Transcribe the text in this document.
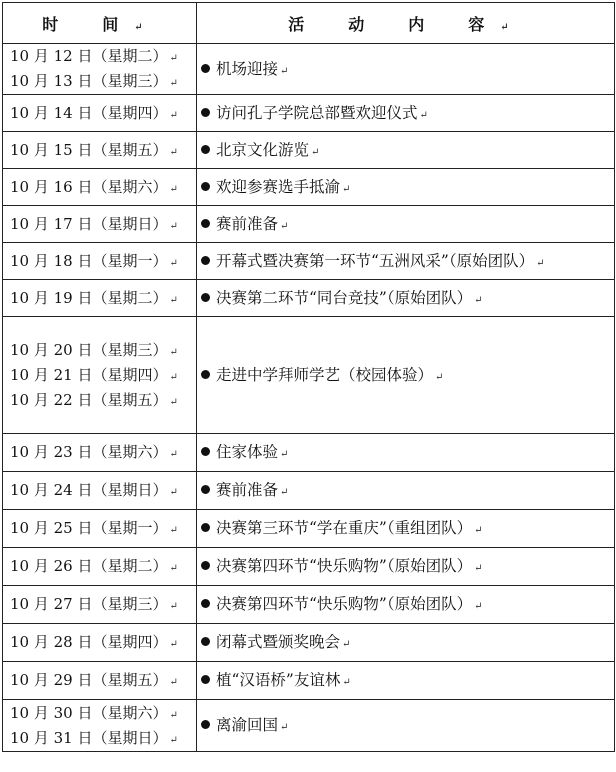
时　间 ↵	活　动　内　容 ↵

10 月 12 日（星期二） ↵
10 月 13 日（星期三） ↵	机场迎接 ↵

10 月 14 日（星期四） ↵	访问孔子学院总部暨欢迎仪式 ↵

10 月 15 日（星期五） ↵	北京文化游览 ↵

10 月 16 日（星期六） ↵	欢迎参赛选手抵渝 ↵

10 月 17 日（星期日） ↵	赛前准备 ↵

10 月 18 日（星期一） ↵	开幕式暨决赛第一环节“五洲风采”（原始团队） ↵

10 月 19 日（星期二） ↵	决赛第二环节“同台竞技”（原始团队） ↵

10 月 20 日（星期三） ↵
10 月 21 日（星期四） ↵
10 月 22 日（星期五） ↵	走进中学拜师学艺（校园体验） ↵

10 月 23 日（星期六） ↵	住家体验 ↵

10 月 24 日（星期日） ↵	赛前准备 ↵

10 月 25 日（星期一） ↵	决赛第三环节“学在重庆”（重组团队） ↵

10 月 26 日（星期二） ↵	决赛第四环节“快乐购物”（原始团队） ↵

10 月 27 日（星期三） ↵	决赛第四环节“快乐购物”（原始团队） ↵

10 月 28 日（星期四） ↵	闭幕式暨颁奖晚会 ↵

10 月 29 日（星期五） ↵	植“汉语桥”友谊林 ↵

10 月 30 日（星期六） ↵
10 月 31 日（星期日） ↵	离渝回国 ↵
